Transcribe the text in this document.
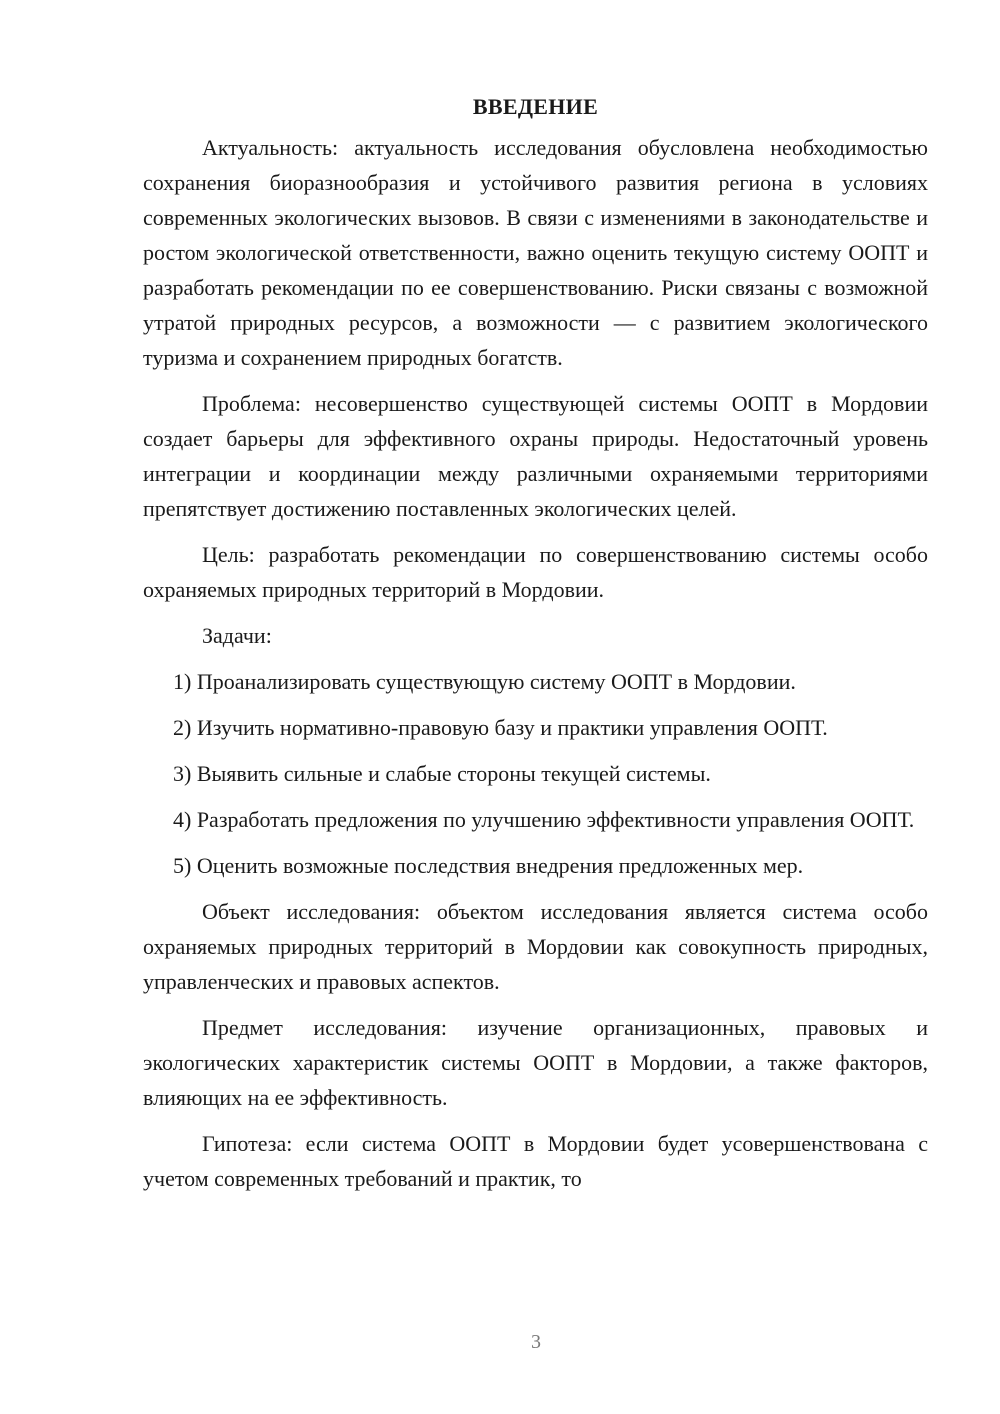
ВВЕДЕНИЕ

Актуальность: актуальность исследования обусловлена необходимостью сохранения биоразнообразия и устойчивого развития региона в условиях современных экологических вызовов. В связи с изменениями в законодательстве и ростом экологической ответственности, важно оценить текущую систему ООПТ и разработать рекомендации по ее совершенствованию. Риски связаны с возможной утратой природных ресурсов, а возможности — с развитием экологического туризма и сохранением природных богатств.

Проблема: несовершенство существующей системы ООПТ в Мордовии создает барьеры для эффективного охраны природы. Недостаточный уровень интеграции и координации между различными охраняемыми территориями препятствует достижению поставленных экологических целей.

Цель: разработать рекомендации по совершенствованию системы особо охраняемых природных территорий в Мордовии.

Задачи:

1) Проанализировать существующую систему ООПТ в Мордовии.

2) Изучить нормативно-правовую базу и практики управления ООПТ.

3) Выявить сильные и слабые стороны текущей системы.

4) Разработать предложения по улучшению эффективности управления ООПТ.

5) Оценить возможные последствия внедрения предложенных мер.

Объект исследования: объектом исследования является система особо охраняемых природных территорий в Мордовии как совокупность природных, управленческих и правовых аспектов.

Предмет исследования: изучение организационных, правовых и экологических характеристик системы ООПТ в Мордовии, а также факторов, влияющих на ее эффективность.

Гипотеза: если система ООПТ в Мордовии будет усовершенствована с учетом современных требований и практик, то

3
